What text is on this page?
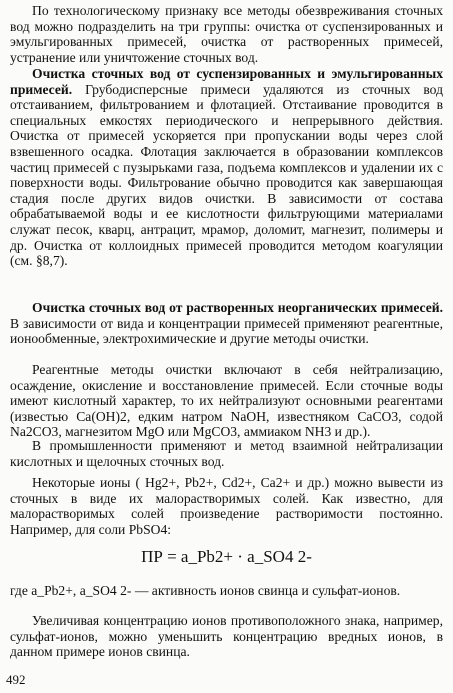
По технологическому признаку все методы обезвреживания сточных вод можно подразделить на три группы: очистка от суспензированных и эмульгированных примесей, очистка от растворенных примесей, устранение или уничтожение сточных вод.

Очистка сточных вод от суспензированных и эмульгированных примесей. Грубодисперсные примеси удаляются из сточных вод отстаиванием, фильтрованием и флотацией. Отстаивание проводится в специальных емкостях периодического и непрерывного действия. Очистка от примесей ускоряется при пропускании воды через слой взвешенного осадка. Флотация заключается в образовании комплексов частиц примесей с пузырьками газа, подъема комплексов и удалении их с поверхности воды. Фильтрование обычно проводится как завершающая стадия после других видов очистки. В зависимости от состава обрабатываемой воды и ее кислотности фильтрующими материалами служат песок, кварц, антрацит, мрамор, доломит, магнезит, полимеры и др. Очистка от коллоидных примесей проводится методом коагуляции (см. §8,7).

Очистка сточных вод от растворенных неорганических примесей. В зависимости от вида и концентрации примесей применяют реагентные, ионообменные, электрохимические и другие методы очистки.

Реагентные методы очистки включают в себя нейтрализацию, осаждение, окисление и восстановление примесей. Если сточные воды имеют кислотный характер, то их нейтрализуют основными реагентами (известью Ca(OH)2, едким натром NaOH, известняком CaCO3, содой Na2CO3, магнезитом MgO или MgCO3, аммиаком NH3 и др.).

В промышленности применяют и метод взаимной нейтрализации кислотных и щелочных сточных вод.

Некоторые ионы ( Hg2+, Pb2+, Cd2+, Ca2+ и др.) можно вывести из сточных в виде их малорастворимых солей. Как известно, для малорастворимых солей произведение растворимости постоянно. Например, для соли PbSO4:

ПР = a_Pb2+ · a_SO4 2-

где a_Pb2+, a_SO4 2- — активность ионов свинца и сульфат-ионов.

Увеличивая концентрацию ионов противоположного знака, например, сульфат-ионов, можно уменьшить концентрацию вредных ионов, в данном примере ионов свинца.

492
